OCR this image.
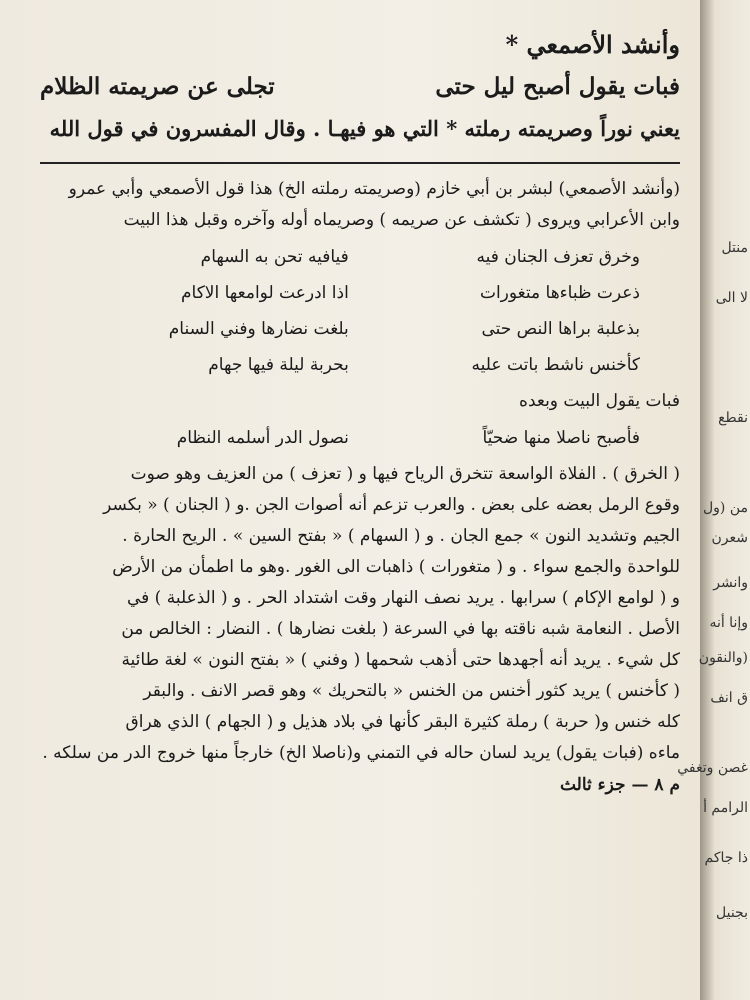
وأنشد الأصمعي *
فبات يقول أصبح ليل حتى
تجلى عن صريمته الظلام
يعني نوراً وصريمته رملته * التي هو فيهـا . وقال المفسرون في قول الله
(وأنشد الأصمعي) لبشر بن أبي خازم (وصريمته رملته الخ) هذا قول الأصمعي وأبي عمرو
وابن الأعرابي ويروى ( تكشف عن صريمه ) وصريماه أوله وآخره وقبل هذا البيت
وخرق تعزف الجنان فيه
فيافيه تحن به السهام
ذعرت ظباءها متغورات
اذا ادرعت لوامعها الاكام
بذعلبة براها النص حتى
بلغت نضارها وفني السنام
كأخنس ناشط باتت عليه
بحربة ليلة فيها جهام
فبات يقول البيت وبعده
فأصبح ناصلا منها ضحيّاً
نصول الدر أسلمه النظام
( الخرق ) . الفلاة الواسعة تتخرق الرياح فيها و ( تعزف ) من العزيف وهو صوت
وقوع الرمل بعضه على بعض . والعرب تزعم أنه أصوات الجن .و ( الجنان ) « بكسر
الجيم وتشديد النون » جمع الجان . و ( السهام ) « بفتح السين » . الريح الحارة .
للواحدة والجمع سواء . و ( متغورات ) ذاهبات الى الغور .وهو ما اطمأن من الأرض
و ( لوامع الإكام ) سرابها . يريد نصف النهار وقت اشتداد الحر . و ( الذعلبة ) في
الأصل . النعامة شبه ناقته بها في السرعة ( بلغت نضارها ) . النضار : الخالص من
كل شيء . يريد أنه أجهدها حتى أذهب شحمها ( وفني ) « بفتح النون » لغة طائية
( كأخنس ) يريد كثور أخنس من الخنس « بالتحريك » وهو قصر الانف . والبقر
كله خنس و( حربة ) رملة كثيرة البقر كأنها في بلاد هذيل و ( الجهام ) الذي هراق
ماءه (فبات يقول) يريد لسان حاله في التمني و(ناصلا الخ) خارجاً منها خروج الدر من سلكه .
م ٨ — جزء ثالث
منتل
لا الى
نقطع
من (ول
شعرن
وانشر
وإنا أنه
(والنقون
ق انف
غصن وتغفي
الرامم أ
ذا جاكم
بجنيل
